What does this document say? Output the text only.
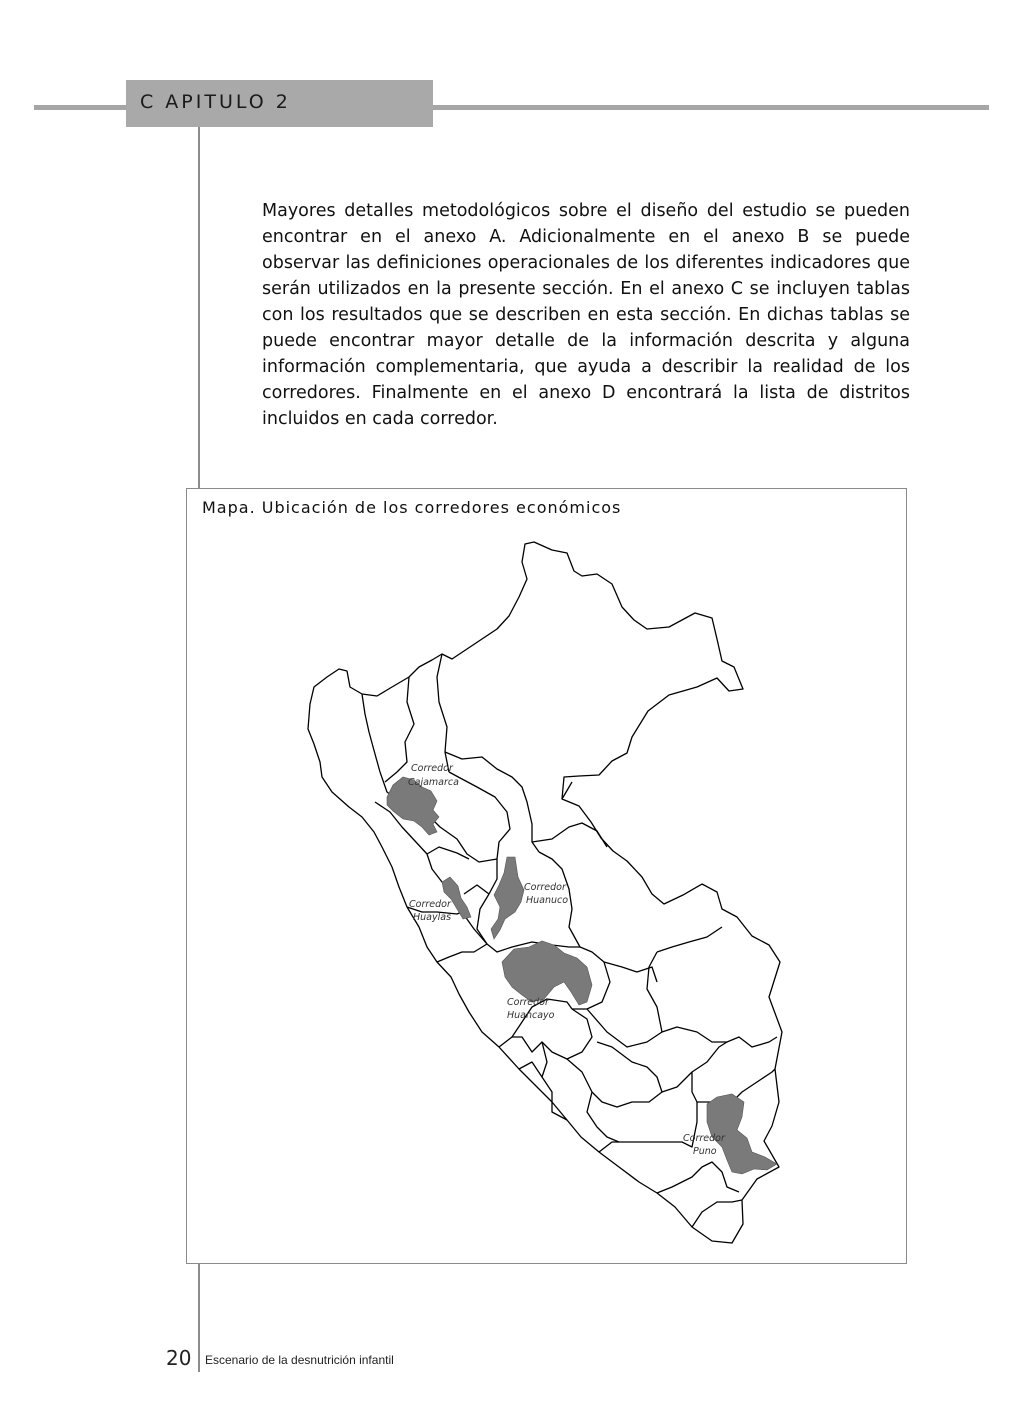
C APITULO 2
Mayores detalles metodológicos sobre el diseño del estudio se pueden encontrar en el anexo A. Adicionalmente en el anexo B se puede observar las definiciones operacionales de los diferentes indicadores que serán utilizados en la presente sección. En el anexo C se incluyen tablas con los resultados que se describen en esta sección. En dichas tablas se puede encontrar mayor detalle de la información descrita y alguna información complementaria, que ayuda a describir la realidad de los corredores. Finalmente en el anexo D encontrará la lista de distritos incluidos en cada corredor.
Mapa. Ubicación de los corredores económicos
Corredor
Cajamarca
Corredor
Huanuco
Corredor
Huaylas
Corredor
Huancayo
Corredor
Puno
20 Escenario de la desnutrición infantil
